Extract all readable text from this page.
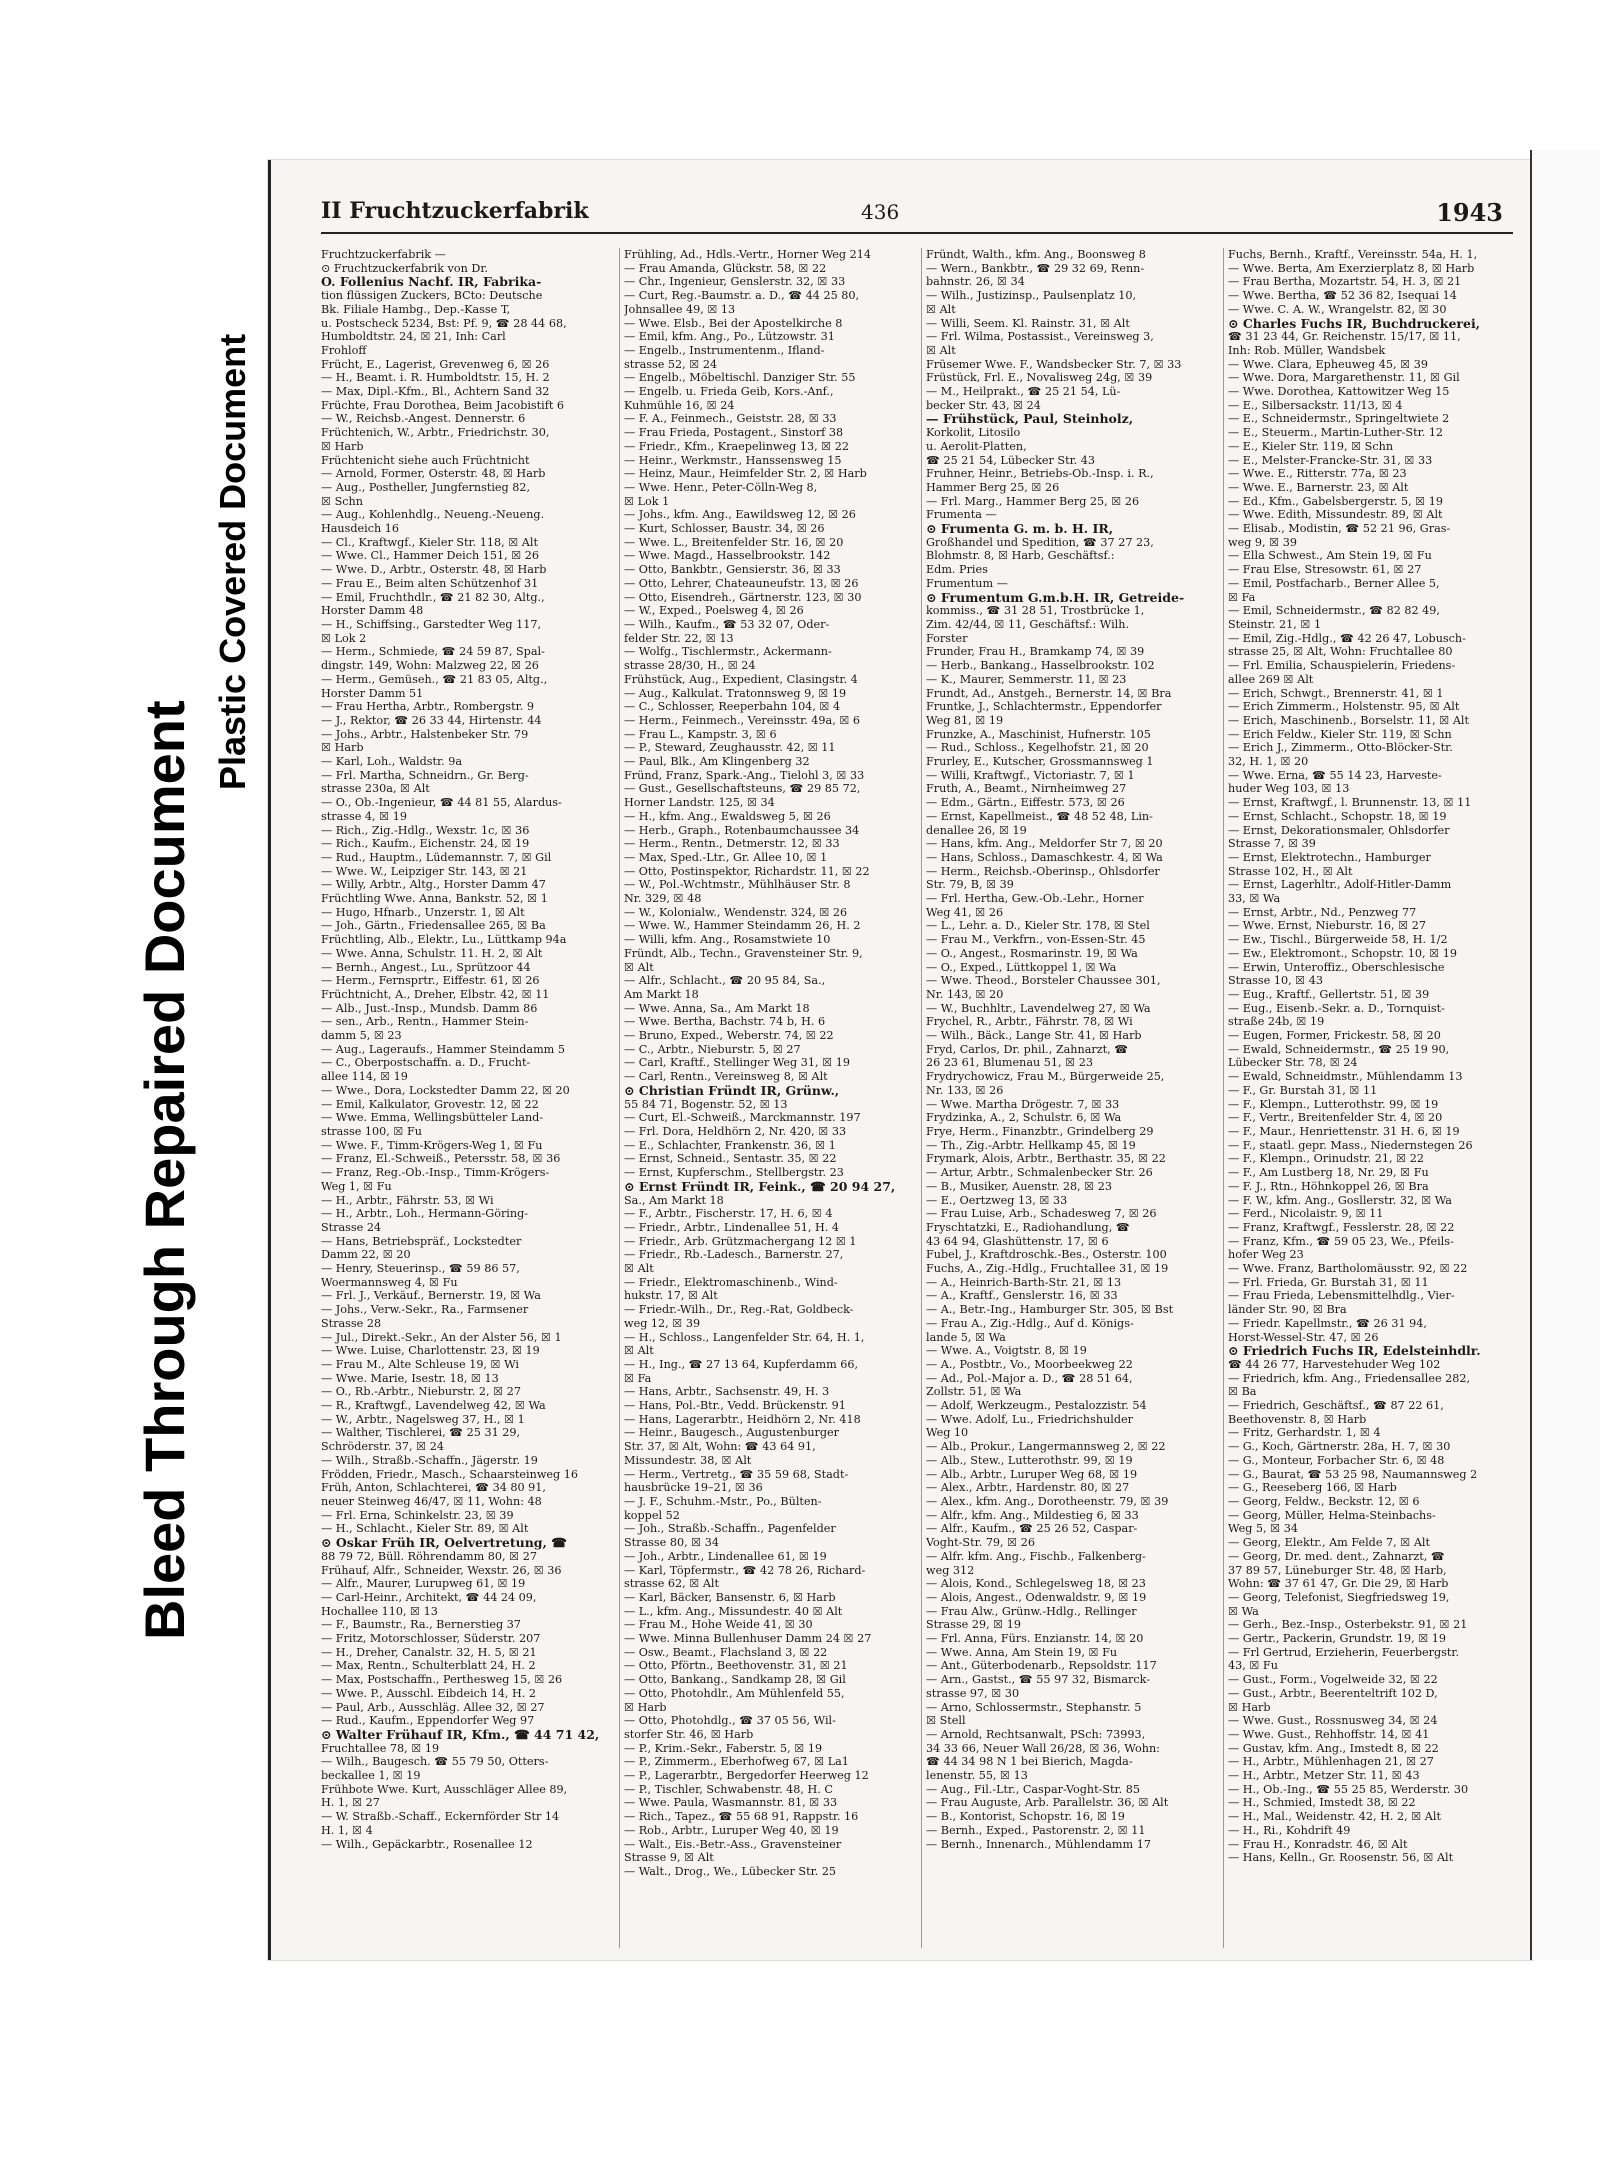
Bleed Through Repaired Document
Plastic Covered Document
II Fruchtzuckerfabrik	436	1943
Fruchtzuckerfabrik —
⊙ Fruchtzuckerfabrik von Dr.
O. Follenius Nachf. IR, Fabrika-
tion flüssigen Zuckers, BCto: Deutsche
Bk. Filiale Hambg., Dep.-Kasse T,
u. Postscheck 5234, Bst: Pf. 9, ☎ 28 44 68,
Humboldtstr. 24, ☒ 21, Inh: Carl
Frohloff
Frücht, E., Lagerist, Grevenweg 6, ☒ 26
— H., Beamt. i. R. Humboldtstr. 15, H. 2
— Max, Dipl.-Kfm., Bl., Achtern Sand 32
Früchte, Frau Dorothea, Beim Jacobistift 6
— W., Reichsb.-Angest. Dennerstr. 6
Früchtenich, W., Arbtr., Friedrichstr. 30,
☒ Harb
Früchtenicht siehe auch Früchtnicht
— Arnold, Former, Osterstr. 48, ☒ Harb
— Aug., Postheller, Jungfernstieg 82,
☒ Schn
— Aug., Kohlenhdlg., Neueng.-Neueng.
Hausdeich 16
— Cl., Kraftwgf., Kieler Str. 118, ☒ Alt
— Wwe. Cl., Hammer Deich 151, ☒ 26
— Wwe. D., Arbtr., Osterstr. 48, ☒ Harb
— Frau E., Beim alten Schützenhof 31
— Emil, Fruchthdlr., ☎ 21 82 30, Altg.,
Horster Damm 48
— H., Schiffsing., Garstedter Weg 117,
☒ Lok 2
— Herm., Schmiede, ☎ 24 59 87, Spal-
dingstr. 149, Wohn: Malzweg 22, ☒ 26
— Herm., Gemüseh., ☎ 21 83 05, Altg.,
Horster Damm 51
— Frau Hertha, Arbtr., Rombergstr. 9
— J., Rektor, ☎ 26 33 44, Hirtenstr. 44
— Johs., Arbtr., Halstenbeker Str. 79
☒ Harb
— Karl, Loh., Waldstr. 9a
— Frl. Martha, Schneidrn., Gr. Berg-
strasse 230a, ☒ Alt
— O., Ob.-Ingenieur, ☎ 44 81 55, Alardus-
strasse 4, ☒ 19
— Rich., Zig.-Hdlg., Wexstr. 1c, ☒ 36
— Rich., Kaufm., Eichenstr. 24, ☒ 19
— Rud., Hauptm., Lüdemannstr. 7, ☒ Gil
— Wwe. W., Leipziger Str. 143, ☒ 21
— Willy, Arbtr., Altg., Horster Damm 47
Früchtling Wwe. Anna, Bankstr. 52, ☒ 1
— Hugo, Hfnarb., Unzerstr. 1, ☒ Alt
— Joh., Gärtn., Friedensallee 265, ☒ Ba
Früchtling, Alb., Elektr., Lu., Lüttkamp 94a
— Wwe. Anna, Schulstr. 11. H. 2, ☒ Alt
— Bernh., Angest., Lu., Sprützoor 44
— Herm., Fernsprtr., Eiffestr. 61, ☒ 26
Früchtnicht, A., Dreher, Elbstr. 42, ☒ 11
— Alb., Just.-Insp., Mundsb. Damm 86
— sen., Arb., Rentn., Hammer Stein-
damm 5, ☒ 23
— Aug., Lageraufs., Hammer Steindamm 5
— C., Oberpostschaffn. a. D., Frucht-
allee 114, ☒ 19
— Wwe., Dora, Lockstedter Damm 22, ☒ 20
— Emil, Kalkulator, Grovestr. 12, ☒ 22
— Wwe. Emma, Wellingsbütteler Land-
strasse 100, ☒ Fu
— Wwe. F., Timm-Krögers-Weg 1, ☒ Fu
— Franz, El.-Schweiß., Petersstr. 58, ☒ 36
— Franz, Reg.-Ob.-Insp., Timm-Krögers-
Weg 1, ☒ Fu
— H., Arbtr., Fährstr. 53, ☒ Wi
— H., Arbtr., Loh., Hermann-Göring-
Strasse 24
— Hans, Betriebspräf., Lockstedter
Damm 22, ☒ 20
— Henry, Steuerinsp., ☎ 59 86 57,
Woermannsweg 4, ☒ Fu
— Frl. J., Verkäuf., Bernerstr. 19, ☒ Wa
— Johs., Verw.-Sekr., Ra., Farmsener
Strasse 28
— Jul., Direkt.-Sekr., An der Alster 56, ☒ 1
— Wwe. Luise, Charlottenstr. 23, ☒ 19
— Frau M., Alte Schleuse 19, ☒ Wi
— Wwe. Marie, Isestr. 18, ☒ 13
— O., Rb.-Arbtr., Nieburstr. 2, ☒ 27
— R., Kraftwgf., Lavendelweg 42, ☒ Wa
— W., Arbtr., Nagelsweg 37, H., ☒ 1
— Walther, Tischlerei, ☎ 25 31 29,
Schröderstr. 37, ☒ 24
— Wilh., Straßb.-Schaffn., Jägerstr. 19
Frödden, Friedr., Masch., Schaarsteinweg 16
Früh, Anton, Schlachterei, ☎ 34 80 91,
neuer Steinweg 46/47, ☒ 11, Wohn: 48
— Frl. Erna, Schinkelstr. 23, ☒ 39
— H., Schlacht., Kieler Str. 89, ☒ Alt
⊙ Oskar Früh IR, Oelvertretung, ☎
88 79 72, Büll. Röhrendamm 80, ☒ 27
Frühauf, Alfr., Schneider, Wexstr. 26, ☒ 36
— Alfr., Maurer, Lurupweg 61, ☒ 19
— Carl-Heinr., Architekt, ☎ 44 24 09,
Hochallee 110, ☒ 13
— F., Baumstr., Ra., Bernerstieg 37
— Fritz, Motorschlosser, Süderstr. 207
— H., Dreher, Canalstr. 32, H. 5, ☒ 21
— Max, Rentn., Schulterblatt 24, H. 2
— Max, Postschaffn., Perthesweg 15, ☒ 26
— Wwe. P., Ausschl. Eibdeich 14, H. 2
— Paul, Arb., Ausschläg. Allee 32, ☒ 27
— Rud., Kaufm., Eppendorfer Weg 97
⊙ Walter Frühauf IR, Kfm., ☎ 44 71 42,
Fruchtallee 78, ☒ 19
— Wilh., Baugesch. ☎ 55 79 50, Otters-
beckallee 1, ☒ 19
Frühbote Wwe. Kurt, Ausschläger Allee 89,
H. 1, ☒ 27
— W. Straßb.-Schaff., Eckernförder Str 14
H. 1, ☒ 4
— Wilh., Gepäckarbtr., Rosenallee 12
Frühling, Ad., Hdls.-Vertr., Horner Weg 214
— Frau Amanda, Glückstr. 58, ☒ 22
— Chr., Ingenieur, Genslerstr. 32, ☒ 33
— Curt, Reg.-Baumstr. a. D., ☎ 44 25 80,
Johnsallee 49, ☒ 13
— Wwe. Elsb., Bei der Apostelkirche 8
— Emil, kfm. Ang., Po., Lützowstr. 31
— Engelb., Instrumentenm., Ifland-
strasse 52, ☒ 24
— Engelb., Möbeltischl. Danziger Str. 55
— Engelb. u. Frieda Geib, Kors.-Anf.,
Kuhmühle 16, ☒ 24
— F. A., Feinmech., Geiststr. 28, ☒ 33
— Frau Frieda, Postagent., Sinstorf 38
— Friedr., Kfm., Kraepelinweg 13, ☒ 22
— Heinr., Werkmstr., Hanssensweg 15
— Heinz, Maur., Heimfelder Str. 2, ☒ Harb
— Wwe. Henr., Peter-Cölln-Weg 8,
☒ Lok 1
— Johs., kfm. Ang., Eawildsweg 12, ☒ 26
— Kurt, Schlosser, Baustr. 34, ☒ 26
— Wwe. L., Breitenfelder Str. 16, ☒ 20
— Wwe. Magd., Hasselbrookstr. 142
— Otto, Bankbtr., Gensierstr. 36, ☒ 33
— Otto, Lehrer, Chateauneufstr. 13, ☒ 26
— Otto, Eisendreh., Gärtnerstr. 123, ☒ 30
— W., Exped., Poelsweg 4, ☒ 26
— Wilh., Kaufm., ☎ 53 32 07, Oder-
felder Str. 22, ☒ 13
— Wolfg., Tischlermstr., Ackermann-
strasse 28/30, H., ☒ 24
Frühstück, Aug., Expedient, Clasingstr. 4
— Aug., Kalkulat. Tratonnsweg 9, ☒ 19
— C., Schlosser, Reeperbahn 104, ☒ 4
— Herm., Feinmech., Vereinsstr. 49a, ☒ 6
— Frau L., Kampstr. 3, ☒ 6
— P., Steward, Zeughausstr. 42, ☒ 11
— Paul, Blk., Am Klingenberg 32
Fründ, Franz, Spark.-Ang., Tielohl 3, ☒ 33
— Gust., Gesellschaftsteuns, ☎ 29 85 72,
Horner Landstr. 125, ☒ 34
— H., kfm. Ang., Ewaldsweg 5, ☒ 26
— Herb., Graph., Rotenbaumchaussee 34
— Herm., Rentn., Detmerstr. 12, ☒ 33
— Max, Sped.-Ltr., Gr. Allee 10, ☒ 1
— Otto, Postinspektor, Richardstr. 11, ☒ 22
— W., Pol.-Wchtmstr., Mühlhäuser Str. 8
Nr. 329, ☒ 48
— W., Kolonialw., Wendenstr. 324, ☒ 26
— Wwe. W., Hammer Steindamm 26, H. 2
— Willi, kfm. Ang., Rosamstwiete 10
Fründt, Alb., Techn., Gravensteiner Str. 9,
☒ Alt
— Alfr., Schlacht., ☎ 20 95 84, Sa.,
Am Markt 18
— Wwe. Anna, Sa., Am Markt 18
— Wwe. Bertha, Bachstr. 74 b, H. 6
— Bruno, Exped., Weberstr. 74, ☒ 22
— C., Arbtr., Nieburstr. 5, ☒ 27
— Carl, Kraftf., Stellinger Weg 31, ☒ 19
— Carl, Rentn., Vereinsweg 8, ☒ Alt
⊙ Christian Fründt IR, Grünw.,
55 84 71, Bogenstr. 52, ☒ 13
— Curt, El.-Schweiß., Marckmannstr. 197
— Frl. Dora, Heldhörn 2, Nr. 420, ☒ 33
— E., Schlachter, Frankenstr. 36, ☒ 1
— Ernst, Schneid., Sentastr. 35, ☒ 22
— Ernst, Kupferschm., Stellbergstr. 23
⊙ Ernst Fründt IR, Feink., ☎ 20 94 27,
Sa., Am Markt 18
— F., Arbtr., Fischerstr. 17, H. 6, ☒ 4
— Friedr., Arbtr., Lindenallee 51, H. 4
— Friedr., Arb. Grützmachergang 12 ☒ 1
— Friedr., Rb.-Ladesch., Barnerstr. 27,
☒ Alt
— Friedr., Elektromaschinenb., Wind-
hukstr. 17, ☒ Alt
— Friedr.-Wilh., Dr., Reg.-Rat, Goldbeck-
weg 12, ☒ 39
— H., Schloss., Langenfelder Str. 64, H. 1,
☒ Alt
— H., Ing., ☎ 27 13 64, Kupferdamm 66,
☒ Fa
— Hans, Arbtr., Sachsenstr. 49, H. 3
— Hans, Pol.-Btr., Vedd. Brückenstr. 91
— Hans, Lagerarbtr., Heidhörn 2, Nr. 418
— Heinr., Baugesch., Augustenburger
Str. 37, ☒ Alt, Wohn: ☎ 43 64 91,
Missundestr. 38, ☒ Alt
— Herm., Vertretg., ☎ 35 59 68, Stadt-
hausbrücke 19–21, ☒ 36
— J. F., Schuhm.-Mstr., Po., Bülten-
koppel 52
— Joh., Straßb.-Schaffn., Pagenfelder
Strasse 80, ☒ 34
— Joh., Arbtr., Lindenallee 61, ☒ 19
— Karl, Töpfermstr., ☎ 42 78 26, Richard-
strasse 62, ☒ Alt
— Karl, Bäcker, Bansenstr. 6, ☒ Harb
— L., kfm. Ang., Missundestr. 40 ☒ Alt
— Frau M., Hohe Weide 41, ☒ 30
— Wwe. Minna Bullenhuser Damm 24 ☒ 27
— Osw., Beamt., Flachsland 3, ☒ 22
— Otto, Pförtn., Beethovenstr. 31, ☒ 21
— Otto, Bankang., Sandkamp 28, ☒ Gil
— Otto, Photohdlr., Am Mühlenfeld 55,
☒ Harb
— Otto, Photohdlg., ☎ 37 05 56, Wil-
storfer Str. 46, ☒ Harb
— P., Krim.-Sekr., Faberstr. 5, ☒ 19
— P., Zimmerm., Eberhofweg 67, ☒ La1
— P., Lagerarbtr., Bergedorfer Heerweg 12
— P., Tischler, Schwabenstr. 48, H. C
— Wwe. Paula, Wasmannstr. 81, ☒ 33
— Rich., Tapez., ☎ 55 68 91, Rappstr. 16
— Rob., Arbtr., Luruper Weg 40, ☒ 19
— Walt., Eis.-Betr.-Ass., Gravensteiner
Strasse 9, ☒ Alt
— Walt., Drog., We., Lübecker Str. 25
Fründt, Walth., kfm. Ang., Boonsweg 8
— Wern., Bankbtr., ☎ 29 32 69, Renn-
bahnstr. 26, ☒ 34
— Wilh., Justizinsp., Paulsenplatz 10,
☒ Alt
— Willi, Seem. Kl. Rainstr. 31, ☒ Alt
— Frl. Wilma, Postassist., Vereinsweg 3,
☒ Alt
Früsemer Wwe. F., Wandsbecker Str. 7, ☒ 33
Früstück, Frl. E., Novalisweg 24g, ☒ 39
— M., Heilprakt., ☎ 25 21 54, Lü-
becker Str. 43, ☒ 24
— Frühstück, Paul, Steinholz,
Korkolit, Litosilo
u. Aerolit-Platten,
☎ 25 21 54, Lübecker Str. 43
Fruhner, Heinr., Betriebs-Ob.-Insp. i. R.,
Hammer Berg 25, ☒ 26
— Frl. Marg., Hammer Berg 25, ☒ 26
Frumenta —
⊙ Frumenta G. m. b. H. IR,
Großhandel und Spedition, ☎ 37 27 23,
Blohmstr. 8, ☒ Harb, Geschäftsf.:
Edm. Pries
Frumentum —
⊙ Frumentum G.m.b.H. IR, Getreide-
kommiss., ☎ 31 28 51, Trostbrücke 1,
Zim. 42/44, ☒ 11, Geschäftsf.: Wilh.
Forster
Frunder, Frau H., Bramkamp 74, ☒ 39
— Herb., Bankang., Hasselbrookstr. 102
— K., Maurer, Semmerstr. 11, ☒ 23
Frundt, Ad., Anstgeh., Bernerstr. 14, ☒ Bra
Fruntke, J., Schlachtermstr., Eppendorfer
Weg 81, ☒ 19
Frunzke, A., Maschinist, Hufnerstr. 105
— Rud., Schloss., Kegelhofstr. 21, ☒ 20
Frurley, E., Kutscher, Grossmannsweg 1
— Willi, Kraftwgf., Victoriastr. 7, ☒ 1
Fruth, A., Beamt., Nirnheimweg 27
— Edm., Gärtn., Eiffestr. 573, ☒ 26
— Ernst, Kapellmeist., ☎ 48 52 48, Lin-
denallee 26, ☒ 19
— Hans, kfm. Ang., Meldorfer Str 7, ☒ 20
— Hans, Schloss., Damaschkestr. 4, ☒ Wa
— Herm., Reichsb.-Oberinsp., Ohlsdorfer
Str. 79, B, ☒ 39
— Frl. Hertha, Gew.-Ob.-Lehr., Horner
Weg 41, ☒ 26
— L., Lehr. a. D., Kieler Str. 178, ☒ Stel
— Frau M., Verkfrn., von-Essen-Str. 45
— O., Angest., Rosmarinstr. 19, ☒ Wa
— O., Exped., Lüttkoppel 1, ☒ Wa
— Wwe. Theod., Borsteler Chaussee 301,
Nr. 143, ☒ 20
— W., Buchhltr., Lavendelweg 27, ☒ Wa
Frychel, R., Arbtr., Fährstr. 78, ☒ Wi
— Wilh., Bäck., Lange Str. 41, ☒ Harb
Fryd, Carlos, Dr. phil., Zahnarzt, ☎
26 23 61, Blumenau 51, ☒ 23
Frydrychowicz, Frau M., Bürgerweide 25,
Nr. 133, ☒ 26
— Wwe. Martha Drögestr. 7, ☒ 33
Frydzinka, A., 2, Schulstr. 6, ☒ Wa
Frye, Herm., Finanzbtr., Grindelberg 29
— Th., Zig.-Arbtr. Hellkamp 45, ☒ 19
Frymark, Alois, Arbtr., Berthastr. 35, ☒ 22
— Artur, Arbtr., Schmalenbecker Str. 26
— B., Musiker, Auenstr. 28, ☒ 23
— E., Oertzweg 13, ☒ 33
— Frau Luise, Arb., Schadesweg 7, ☒ 26
Fryschtatzki, E., Radiohandlung, ☎
43 64 94, Glashüttenstr. 17, ☒ 6
Fubel, J., Kraftdroschk.-Bes., Osterstr. 100
Fuchs, A., Zig.-Hdlg., Fruchtallee 31, ☒ 19
— A., Heinrich-Barth-Str. 21, ☒ 13
— A., Kraftf., Genslerstr. 16, ☒ 33
— A., Betr.-Ing., Hamburger Str. 305, ☒ Bst
— Frau A., Zig.-Hdlg., Auf d. Königs-
lande 5, ☒ Wa
— Wwe. A., Voigtstr. 8, ☒ 19
— A., Postbtr., Vo., Moorbeekweg 22
— Ad., Pol.-Major a. D., ☎ 28 51 64,
Zollstr. 51, ☒ Wa
— Adolf, Werkzeugm., Pestalozzistr. 54
— Wwe. Adolf, Lu., Friedrichshulder
Weg 10
— Alb., Prokur., Langermannsweg 2, ☒ 22
— Alb., Stew., Lutterothstr. 99, ☒ 19
— Alb., Arbtr., Luruper Weg 68, ☒ 19
— Alex., Arbtr., Hardenstr. 80, ☒ 27
— Alex., kfm. Ang., Dorotheenstr. 79, ☒ 39
— Alfr., kfm. Ang., Mildestieg 6, ☒ 33
— Alfr., Kaufm., ☎ 25 26 52, Caspar-
Voght-Str. 79, ☒ 26
— Alfr. kfm. Ang., Fischb., Falkenberg-
weg 312
— Alois, Kond., Schlegelsweg 18, ☒ 23
— Alois, Angest., Odenwaldstr. 9, ☒ 19
— Frau Alw., Grünw.-Hdlg., Rellinger
Strasse 29, ☒ 19
— Frl. Anna, Fürs. Enzianstr. 14, ☒ 20
— Wwe. Anna, Am Stein 19, ☒ Fu
— Ant., Güterbodenarb., Repsoldstr. 117
— Arn., Gastst., ☎ 55 97 32, Bismarck-
strasse 97, ☒ 30
— Arno, Schlossermstr., Stephanstr. 5
☒ Stell
— Arnold, Rechtsanwalt, PSch: 73993,
34 33 66, Neuer Wall 26/28, ☒ 36, Wohn:
☎ 44 34 98 N 1 bei Bierich, Magda-
lenenstr. 55, ☒ 13
— Aug., Fil.-Ltr., Caspar-Voght-Str. 85
— Frau Auguste, Arb. Parallelstr. 36, ☒ Alt
— B., Kontorist, Schopstr. 16, ☒ 19
— Bernh., Exped., Pastorenstr. 2, ☒ 11
— Bernh., Innenarch., Mühlendamm 17
Fuchs, Bernh., Kraftf., Vereinsstr. 54a, H. 1,
— Wwe. Berta, Am Exerzierplatz 8, ☒ Harb
— Frau Bertha, Mozartstr. 54, H. 3, ☒ 21
— Wwe. Bertha, ☎ 52 36 82, Isequai 14
— Wwe. C. A. W., Wrangelstr. 82, ☒ 30
⊙ Charles Fuchs IR, Buchdruckerei,
☎ 31 23 44, Gr. Reichenstr. 15/17, ☒ 11,
Inh: Rob. Müller, Wandsbek
— Wwe. Clara, Epheuweg 45, ☒ 39
— Wwe. Dora, Margarethenstr. 11, ☒ Gil
— Wwe. Dorothea, Kattowitzer Weg 15
— E., Silbersackstr. 11/13, ☒ 4
— E., Schneidermstr., Springeltwiete 2
— E., Steuerm., Martin-Luther-Str. 12
— E., Kieler Str. 119, ☒ Schn
— E., Melster-Francke-Str. 31, ☒ 33
— Wwe. E., Ritterstr. 77a, ☒ 23
— Wwe. E., Barnerstr. 23, ☒ Alt
— Ed., Kfm., Gabelsbergerstr. 5, ☒ 19
— Wwe. Edith, Missundestr. 89, ☒ Alt
— Elisab., Modistin, ☎ 52 21 96, Gras-
weg 9, ☒ 39
— Ella Schwest., Am Stein 19, ☒ Fu
— Frau Else, Stresowstr. 61, ☒ 27
— Emil, Postfacharb., Berner Allee 5,
☒ Fa
— Emil, Schneidermstr., ☎ 82 82 49,
Steinstr. 21, ☒ 1
— Emil, Zig.-Hdlg., ☎ 42 26 47, Lobusch-
strasse 25, ☒ Alt, Wohn: Fruchtallee 80
— Frl. Emilia, Schauspielerin, Friedens-
allee 269 ☒ Alt
— Erich, Schwgt., Brennerstr. 41, ☒ 1
— Erich Zimmerm., Holstenstr. 95, ☒ Alt
— Erich, Maschinenb., Borselstr. 11, ☒ Alt
— Erich Feldw., Kieler Str. 119, ☒ Schn
— Erich J., Zimmerm., Otto-Blöcker-Str.
32, H. 1, ☒ 20
— Wwe. Erna, ☎ 55 14 23, Harveste-
huder Weg 103, ☒ 13
— Ernst, Kraftwgf., l. Brunnenstr. 13, ☒ 11
— Ernst, Schlacht., Schopstr. 18, ☒ 19
— Ernst, Dekorationsmaler, Ohlsdorfer
Strasse 7, ☒ 39
— Ernst, Elektrotechn., Hamburger
Strasse 102, H., ☒ Alt
— Ernst, Lagerhltr., Adolf-Hitler-Damm
33, ☒ Wa
— Ernst, Arbtr., Nd., Penzweg 77
— Wwe. Ernst, Nieburstr. 16, ☒ 27
— Ew., Tischl., Bürgerweide 58, H. 1/2
— Ew., Elektromont., Schopstr. 10, ☒ 19
— Erwin, Unteroffiz., Oberschlesische
Strasse 10, ☒ 43
— Eug., Kraftf., Gellertstr. 51, ☒ 39
— Eug., Eisenb.-Sekr. a. D., Tornquist-
straße 24b, ☒ 19
— Eugen, Former, Frickestr. 58, ☒ 20
— Ewald, Schneidermstr., ☎ 25 19 90,
Lübecker Str. 78, ☒ 24
— Ewald, Schneidmstr., Mühlendamm 13
— F., Gr. Burstah 31, ☒ 11
— F., Klempn., Lutterothstr. 99, ☒ 19
— F., Vertr., Breitenfelder Str. 4, ☒ 20
— F., Maur., Henriettenstr. 31 H. 6, ☒ 19
— F., staatl. gepr. Mass., Niedernstegen 26
— F., Klempn., Orinudstr. 21, ☒ 22
— F., Am Lustberg 18, Nr. 29, ☒ Fu
— F. J., Rtn., Höhnkoppel 26, ☒ Bra
— F. W., kfm. Ang., Gosllerstr. 32, ☒ Wa
— Ferd., Nicolaistr. 9, ☒ 11
— Franz, Kraftwgf., Fesslerstr. 28, ☒ 22
— Franz, Kfm., ☎ 59 05 23, We., Pfeils-
hofer Weg 23
— Wwe. Franz, Bartholomäusstr. 92, ☒ 22
— Frl. Frieda, Gr. Burstah 31, ☒ 11
— Frau Frieda, Lebensmittelhdlg., Vier-
länder Str. 90, ☒ Bra
— Friedr. Kapellmstr., ☎ 26 31 94,
Horst-Wessel-Str. 47, ☒ 26
⊙ Friedrich Fuchs IR, Edelsteinhdlr.
☎ 44 26 77, Harvestehuder Weg 102
— Friedrich, kfm. Ang., Friedensallee 282,
☒ Ba
— Friedrich, Geschäftsf., ☎ 87 22 61,
Beethovenstr. 8, ☒ Harb
— Fritz, Gerhardstr. 1, ☒ 4
— G., Koch, Gärtnerstr. 28a, H. 7, ☒ 30
— G., Monteur, Forbacher Str. 6, ☒ 48
— G., Baurat, ☎ 53 25 98, Naumannsweg 2
— G., Reeseberg 166, ☒ Harb
— Georg, Feldw., Beckstr. 12, ☒ 6
— Georg, Müller, Helma-Steinbachs-
Weg 5, ☒ 34
— Georg, Elektr., Am Felde 7, ☒ Alt
— Georg, Dr. med. dent., Zahnarzt, ☎
37 89 57, Lüneburger Str. 48, ☒ Harb,
Wohn: ☎ 37 61 47, Gr. Die 29, ☒ Harb
— Georg, Telefonist, Siegfriedsweg 19,
☒ Wa
— Gerh., Bez.-Insp., Osterbekstr. 91, ☒ 21
— Gertr., Packerin, Grundstr. 19, ☒ 19
— Frl Gertrud, Erzieherin, Feuerbergstr.
43, ☒ Fu
— Gust., Form., Vogelweide 32, ☒ 22
— Gust., Arbtr., Beerenteltrift 102 D,
☒ Harb
— Wwe. Gust., Rossnusweg 34, ☒ 24
— Wwe. Gust., Rehhoffstr. 14, ☒ 41
— Gustav, kfm. Ang., Imstedt 8, ☒ 22
— H., Arbtr., Mühlenhagen 21, ☒ 27
— H., Arbtr., Metzer Str. 11, ☒ 43
— H., Ob.-Ing., ☎ 55 25 85, Werderstr. 30
— H., Schmied, Imstedt 38, ☒ 22
— H., Mal., Weidenstr. 42, H. 2, ☒ Alt
— H., Ri., Kohdrift 49
— Frau H., Konradstr. 46, ☒ Alt
— Hans, Kelln., Gr. Roosenstr. 56, ☒ Alt
